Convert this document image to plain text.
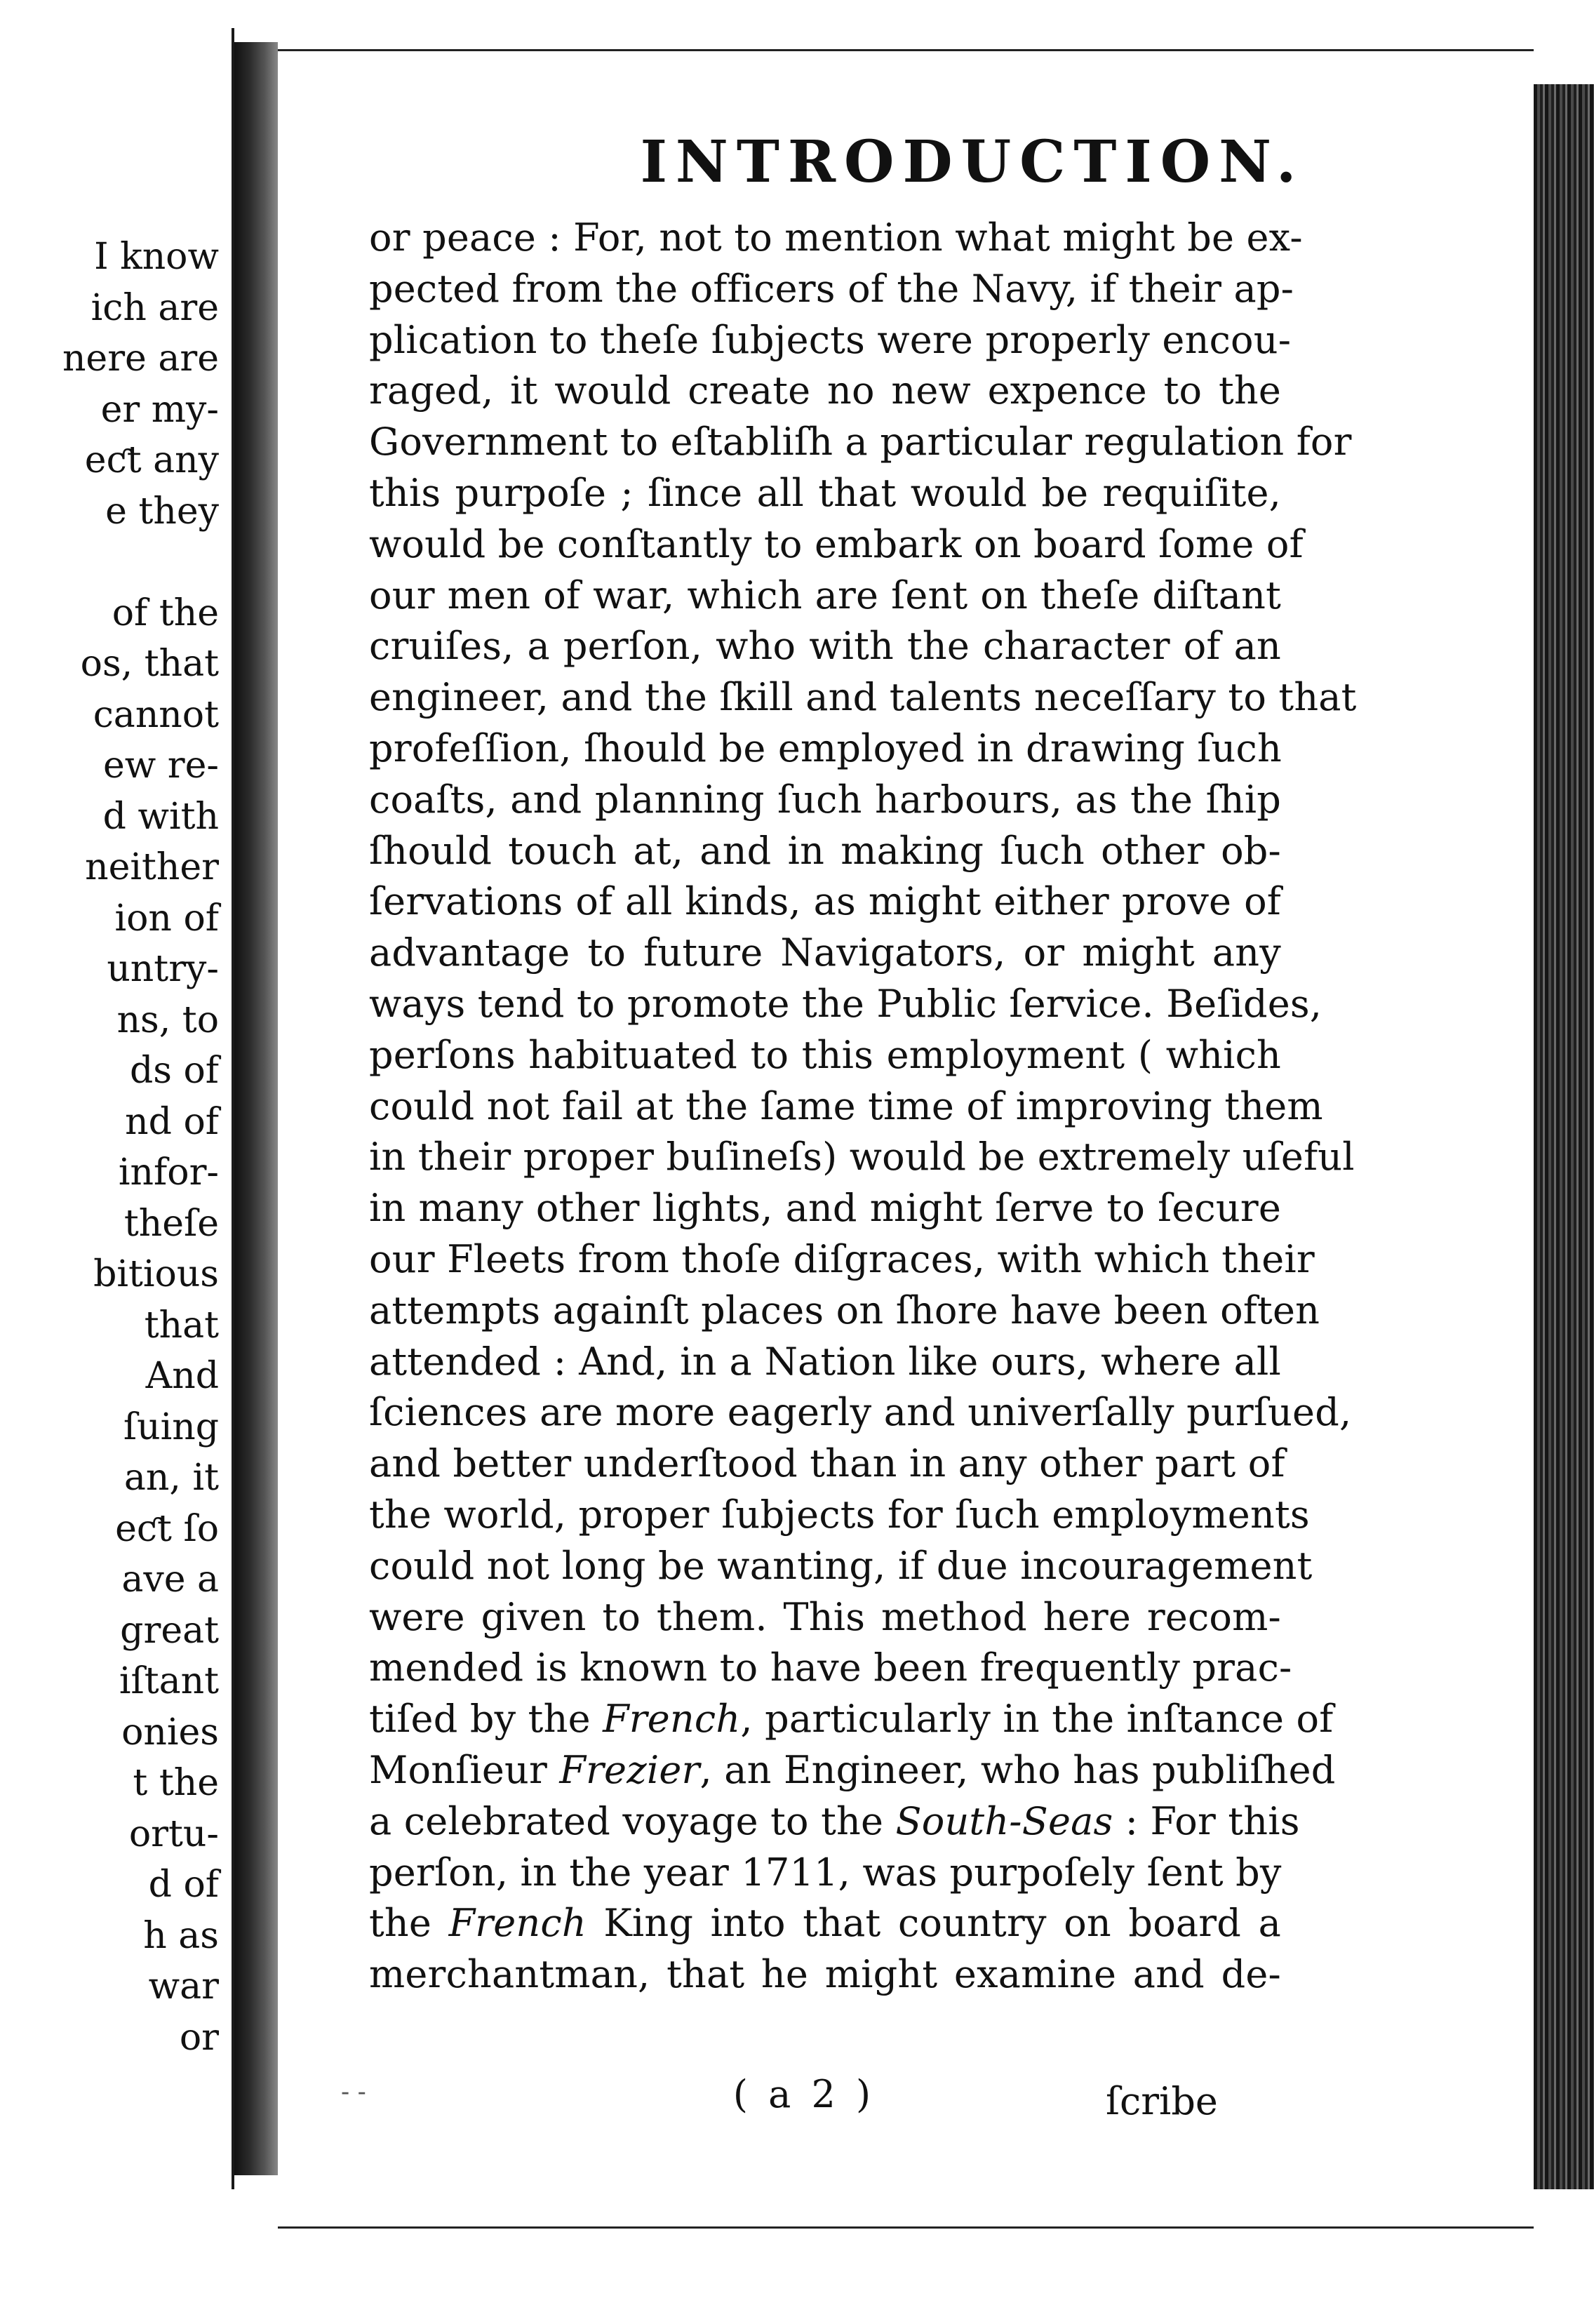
I know
ich are
nere are
er my-
eƈt any
e they
of the
os, that
cannot
ew re-
d with
neither
ion of
untry-
ns, to
ds of
nd of
infor-
theſe
bitious
that
And
ſuing
an, it
eƈt ſo
ave a
great
iſtant
onies
t the
ortu-
d of
h as
war
or
INTRODUCTION.
or peace : For, not to mention what might be ex-
pected from the officers of the Navy, if their ap-
plication to theſe ſubjects were properly encou-
raged, it would create no new expence to the
Government to eſtabliſh a particular regulation for
this purpoſe ; ſince all that would be requiſite,
would be conſtantly to embark on board ſome of
our men of war, which are ſent on theſe diſtant
cruiſes, a perſon, who with the character of an
engineer, and the ſkill and talents neceſſary to that
profeſſion, ſhould be employed in drawing ſuch
coaſts, and planning ſuch harbours, as the ſhip
ſhould touch at, and in making ſuch other ob-
ſervations of all kinds, as might either prove of
advantage to future Navigators, or might any
ways tend to promote the Public ſervice. Beſides,
perſons habituated to this employment ( which
could not fail at the ſame time of improving them
in their proper buſineſs) would be extremely uſeful
in many other lights, and might ſerve to ſecure
our Fleets from thoſe diſgraces, with which their
attempts againſt places on ſhore have been often
attended : And, in a Nation like ours, where all
ſciences are more eagerly and univerſally purſued,
and better underſtood than in any other part of
the world, proper ſubjects for ſuch employments
could not long be wanting, if due incouragement
were given to them. This method here recom-
mended is known to have been frequently prac-
tiſed by the French, particularly in the inſtance of
Monſieur Frezier, an Engineer, who has publiſhed
a celebrated voyage to the South-Seas : For this
perſon, in the year 1711, was purpoſely ſent by
the French King into that country on board a
merchantman, that he might examine and de-
- -	( a 2 )	ſcribe
